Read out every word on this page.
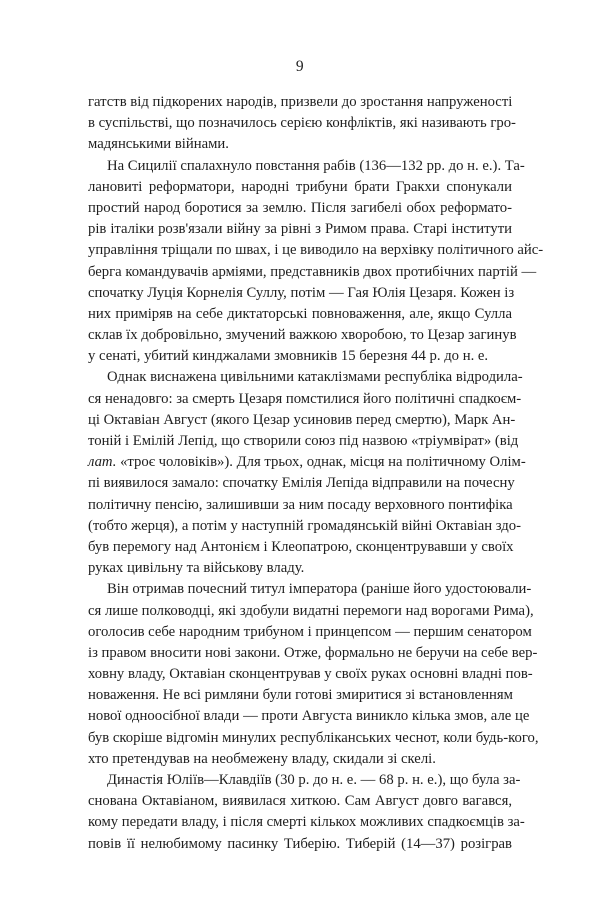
9
гатств від підкорених народів, призвели до зростання напруженості
в суспільстві, що позначилось серією конфліктів, які називають гро-
мадянськими війнами.
На Сицилії спалахнуло повстання рабів (136—132 рр. до н. е.). Та-
лановиті реформатори, народні трибуни брати Гракхи спонукали
простий народ боротися за землю. Після загибелі обох реформато-
рів італіки розв'язали війну за рівні з Римом права. Старі інститути
управління тріщали по швах, і це виводило на верхівку політичного айс-
берга командувачів арміями, представників двох протибічних партій —
спочатку Луція Корнелія Суллу, потім — Гая Юлія Цезаря. Кожен із
них приміряв на себе диктаторські повноваження, але, якщо Сулла
склав їх добровільно, змучений важкою хворобою, то Цезар загинув
у сенаті, убитий кинджалами змовників 15 березня 44 р. до н. е.
Однак виснажена цивільними катаклізмами республіка відродила-
ся ненадовго: за смерть Цезаря помстилися його політичні спадкоєм-
ці Октавіан Август (якого Цезар усиновив перед смертю), Марк Ан-
тоній і Емілій Лепід, що створили союз під назвою «тріумвірат» (від
лат. «троє чоловіків»). Для трьох, однак, місця на політичному Олім-
пі виявилося замало: спочатку Емілія Лепіда відправили на почесну
політичну пенсію, залишивши за ним посаду верховного понтифіка
(тобто жерця), а потім у наступній громадянській війні Октавіан здо-
був перемогу над Антонієм і Клеопатрою, сконцентрувавши у своїх
руках цивільну та військову владу.
Він отримав почесний титул імператора (раніше його удостоювали-
ся лише полководці, які здобули видатні перемоги над ворогами Рима),
оголосив себе народним трибуном і принцепсом — першим сенатором
із правом вносити нові закони. Отже, формально не беручи на себе вер-
ховну владу, Октавіан сконцентрував у своїх руках основні владні пов-
новаження. Не всі римляни були готові змиритися зі встановленням
нової одноосібної влади — проти Августа виникло кілька змов, але це
був скоріше відгомін минулих республіканських чеснот, коли будь-кого,
хто претендував на необмежену владу, скидали зі скелі.
Династія Юліїв—Клавдіїв (30 р. до н. е. — 68 р. н. е.), що була за-
снована Октавіаном, виявилася хиткою. Сам Август довго вагався,
кому передати владу, і після смерті кількох можливих спадкоємців за-
повів її нелюбимому пасинку Тиберію. Тиберій (14—37) розіграв
